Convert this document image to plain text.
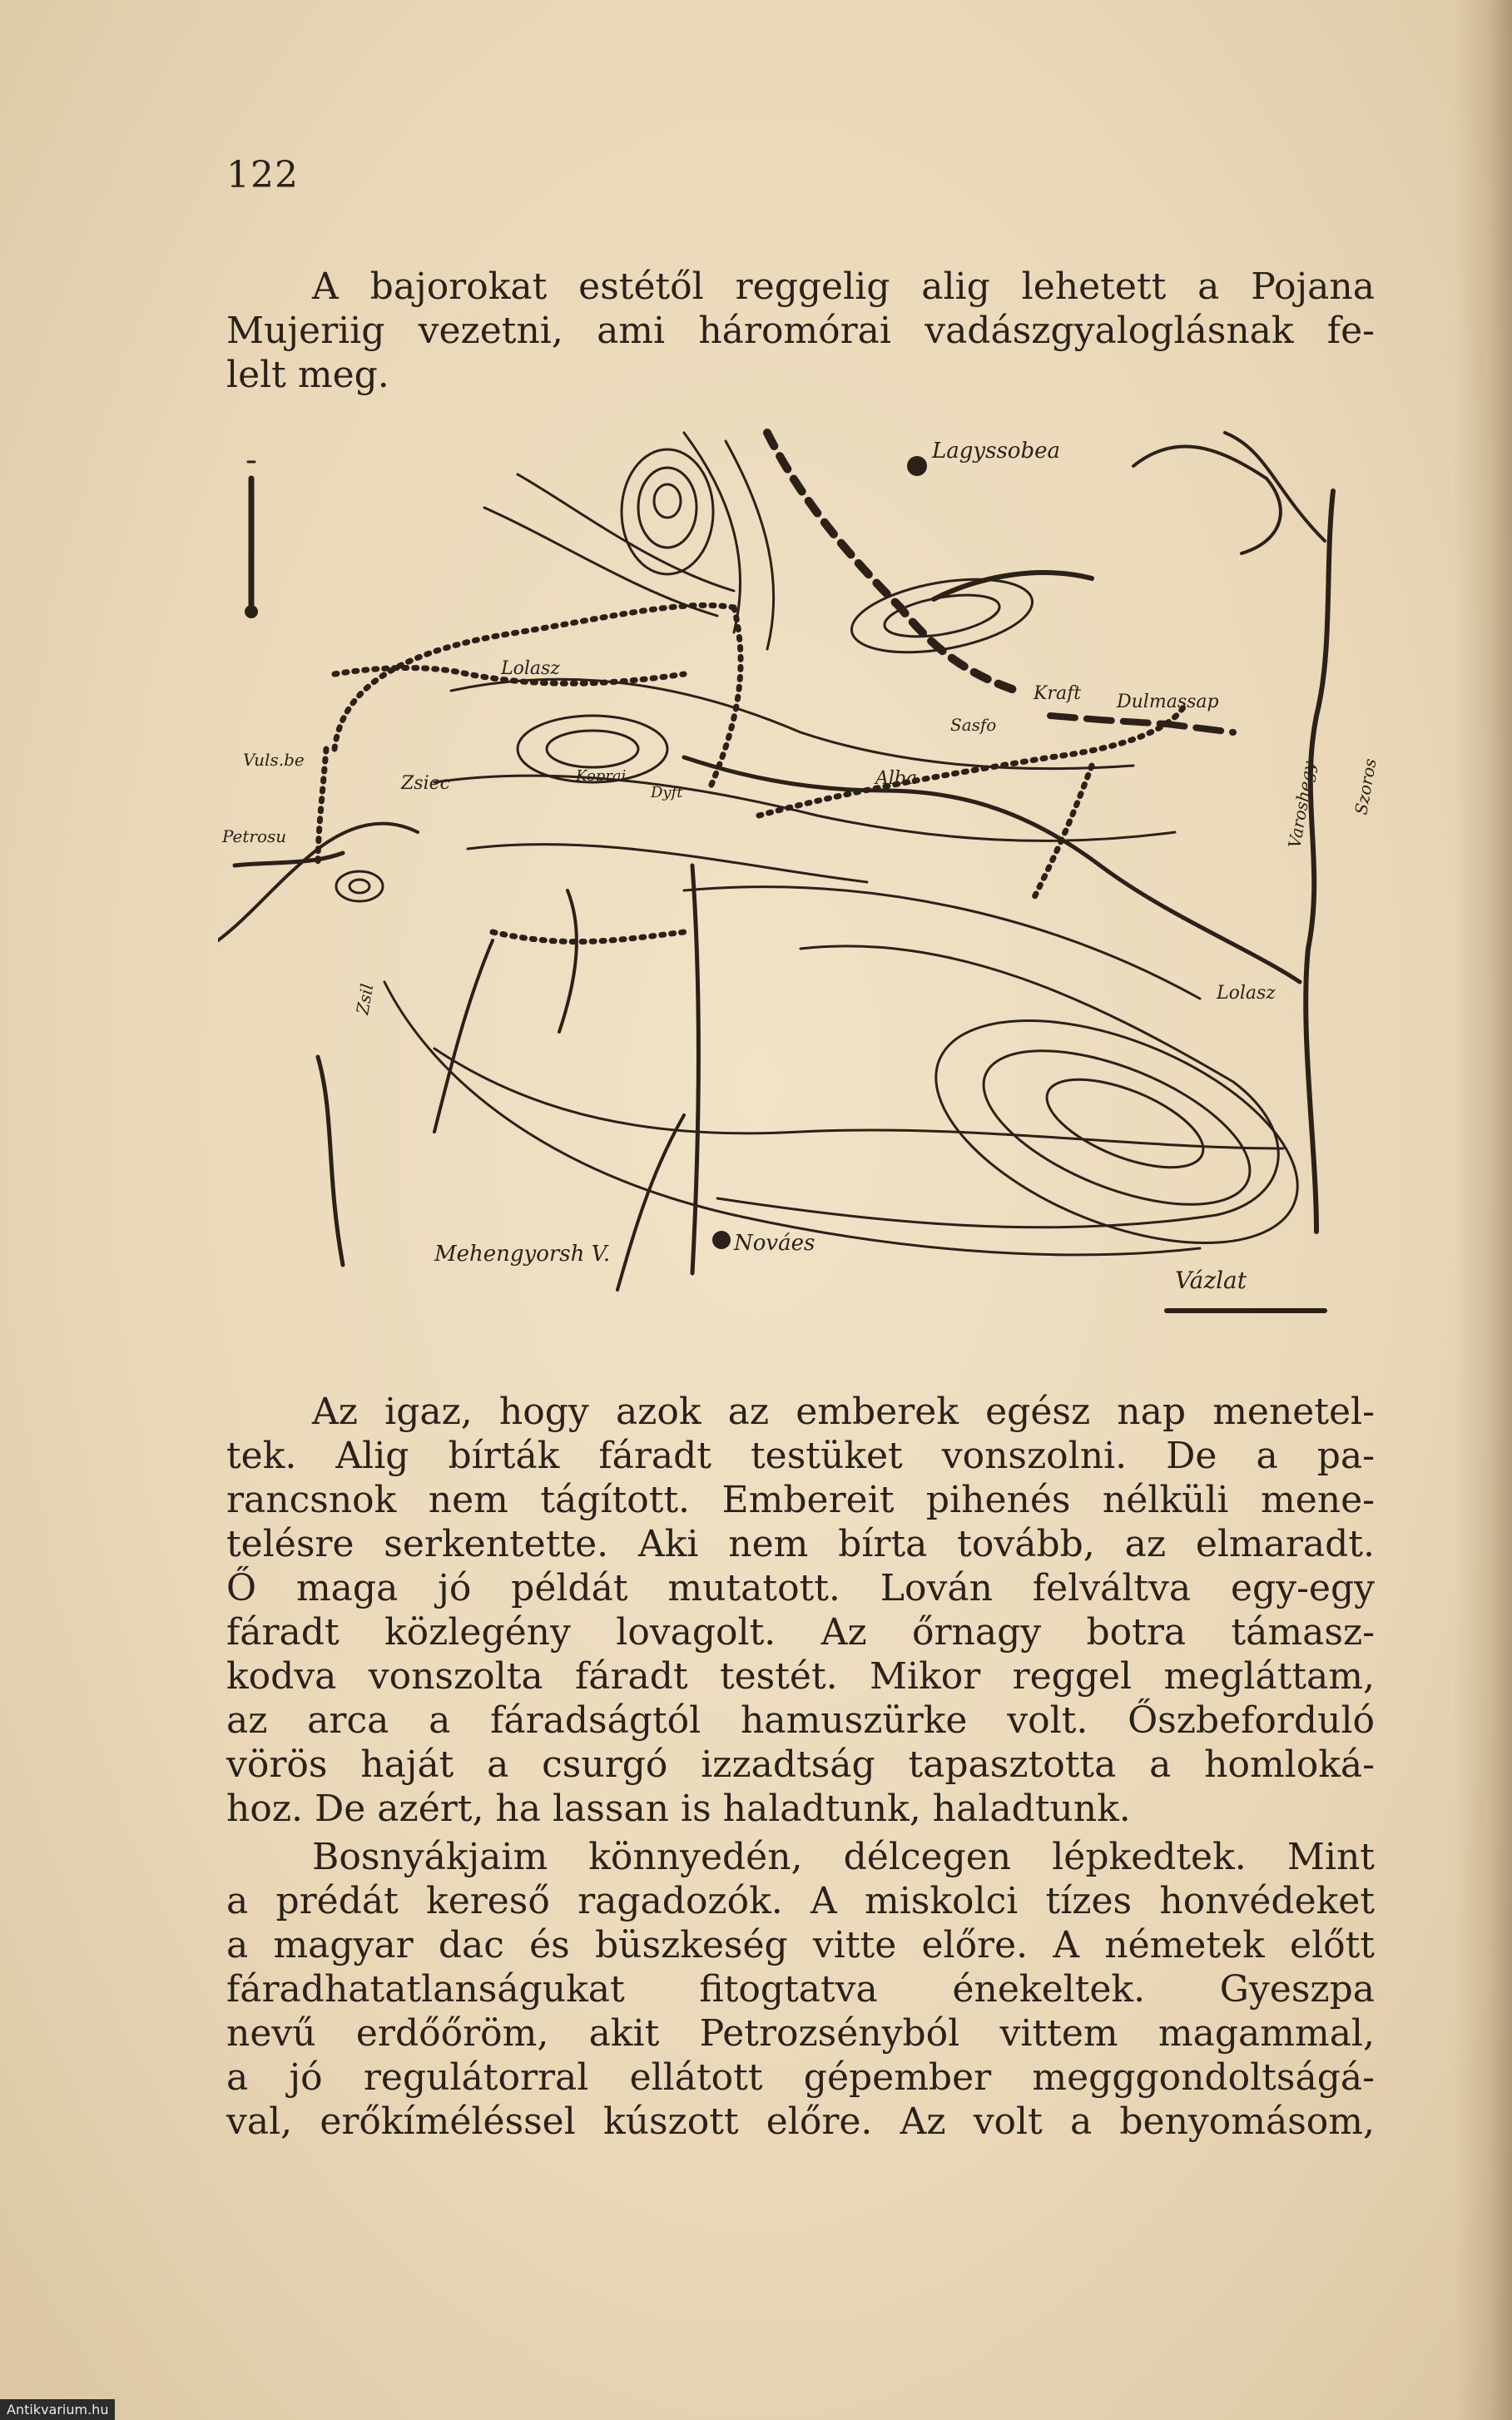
122
A bajorokat estétől reggelig alig lehetett a Pojana
Mujeriig vezetni, ami háromórai vadászgyaloglásnak fe-
lelt meg.
Lagyssobea
Lolasz
Vuls.be
Petrosu
Zsiec	Koprai
Dyft
Alba
Sasfo
Kraft Dulmassap
Varoshegy Szoros
Zsil	Lolasz
Mehengyorsh V.	Nováes
Vázlat
Az igaz, hogy azok az emberek egész nap menetel-
tek. Alig bírták fáradt testüket vonszolni. De a pa-
rancsnok nem tágított. Embereit pihenés nélküli mene-
telésre serkentette. Aki nem bírta tovább, az elmaradt.
Ő maga jó példát mutatott. Lován felváltva egy-egy
fáradt közlegény lovagolt. Az őrnagy botra támasz-
kodva vonszolta fáradt testét. Mikor reggel megláttam,
az arca a fáradságtól hamuszürke volt. Őszbeforduló
vörös haját a csurgó izzadtság tapasztotta a homloká-
hoz. De azért, ha lassan is haladtunk, haladtunk.
Bosnyákjaim könnyedén, délcegen lépkedtek. Mint
a prédát kereső ragadozók. A miskolci tízes honvédeket
a magyar dac és büszkeség vitte előre. A németek előtt
fáradhatatlanságukat fitogtatva énekeltek. Gyeszpa
nevű erdőőröm, akit Petrozsényból vittem magammal,
a jó regulátorral ellátott gépember megggondoltságá-
val, erőkíméléssel kúszott előre. Az volt a benyomásom,
Antikvarium.hu
